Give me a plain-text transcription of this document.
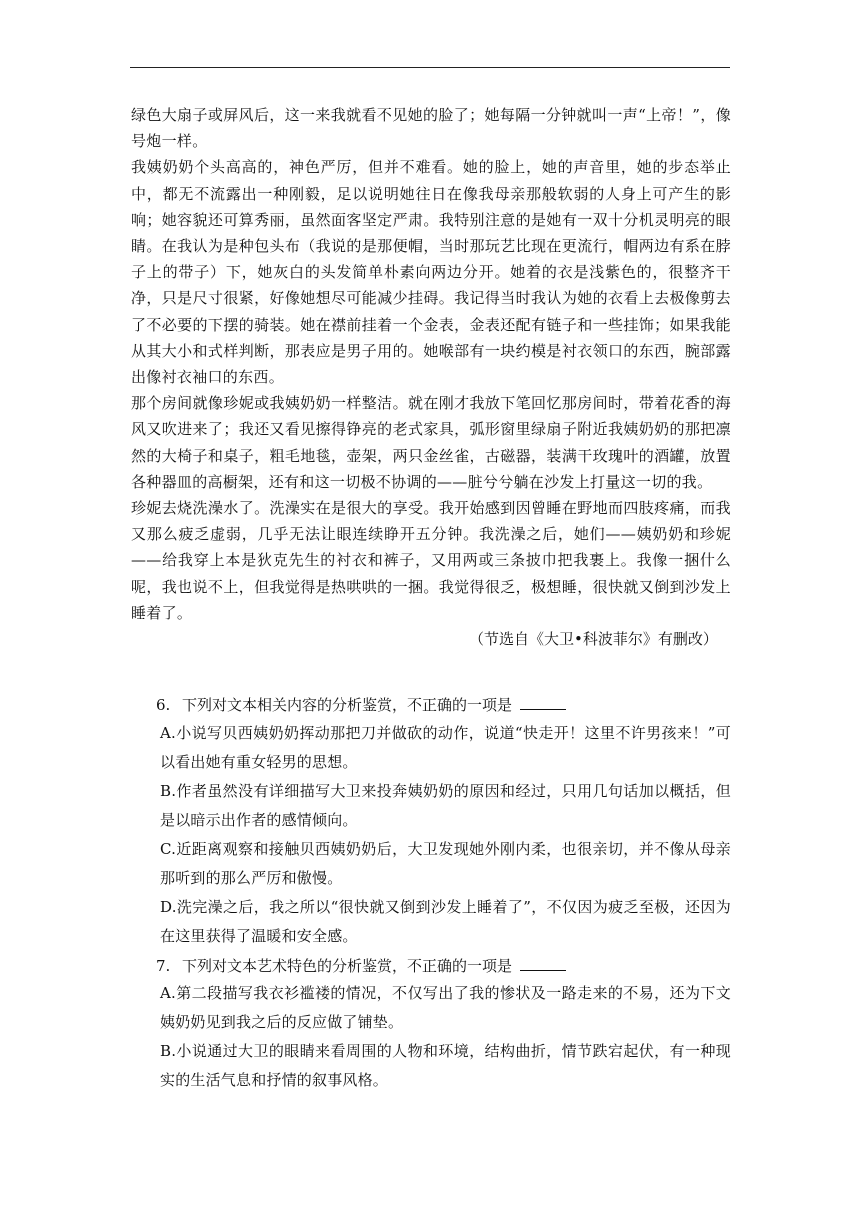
绿色大扇子或屏风后，这一来我就看不见她的脸了；她每隔一分钟就叫一声“上帝！”，像号炮一样。

我姨奶奶个头高高的，神色严厉，但并不难看。她的脸上，她的声音里，她的步态举止中，都无不流露出一种刚毅，足以说明她往日在像我母亲那般软弱的人身上可产生的影响；她容貌还可算秀丽，虽然面客坚定严肃。我特别注意的是她有一双十分机灵明亮的眼睛。在我认为是种包头布（我说的是那便帽，当时那玩艺比现在更流行，帽两边有系在脖子上的带子）下，她灰白的头发简单朴素向两边分开。她着的衣是浅紫色的，很整齐干净，只是尺寸很紧，好像她想尽可能减少挂碍。我记得当时我认为她的衣看上去极像剪去了不必要的下摆的骑装。她在襟前挂着一个金表，金表还配有链子和一些挂饰；如果我能从其大小和式样判断，那表应是男子用的。她喉部有一块约模是衬衣领口的东西，腕部露出像衬衣袖口的东西。

那个房间就像珍妮或我姨奶奶一样整洁。就在刚才我放下笔回忆那房间时，带着花香的海风又吹进来了；我还又看见擦得铮亮的老式家具，弧形窗里绿扇子附近我姨奶奶的那把凛然的大椅子和桌子，粗毛地毯，壶架，两只金丝雀，古磁器，装满干玫瑰叶的酒罐，放置各种器皿的高橱架，还有和这一切极不协调的——脏兮兮躺在沙发上打量这一切的我。

珍妮去烧洗澡水了。洗澡实在是很大的享受。我开始感到因曾睡在野地而四肢疼痛，而我又那么疲乏虚弱，几乎无法让眼连续睁开五分钟。我洗澡之后，她们——姨奶奶和珍妮——给我穿上本是狄克先生的衬衣和裤子，又用两或三条披巾把我裹上。我像一捆什么呢，我也说不上，但我觉得是热哄哄的一捆。我觉得很乏，极想睡，很快就又倒到沙发上睡着了。

（节选自《大卫•科波菲尔》有删改）

6. 下列对文本相关内容的分析鉴赏，不正确的一项是

A.小说写贝西姨奶奶挥动那把刀并做砍的动作，说道“快走开！这里不许男孩来！”可以看出她有重女轻男的思想。

B.作者虽然没有详细描写大卫来投奔姨奶奶的原因和经过，只用几句话加以概括，但是以暗示出作者的感情倾向。

C.近距离观察和接触贝西姨奶奶后，大卫发现她外刚内柔，也很亲切，并不像从母亲那听到的那么严厉和傲慢。

D.洗完澡之后，我之所以“很快就又倒到沙发上睡着了”，不仅因为疲乏至极，还因为在这里获得了温暖和安全感。

7. 下列对文本艺术特色的分析鉴赏，不正确的一项是

A.第二段描写我衣衫褴褛的情况，不仅写出了我的惨状及一路走来的不易，还为下文姨奶奶见到我之后的反应做了铺垫。

B.小说通过大卫的眼睛来看周围的人物和环境，结构曲折，情节跌宕起伏，有一种现实的生活气息和抒情的叙事风格。
